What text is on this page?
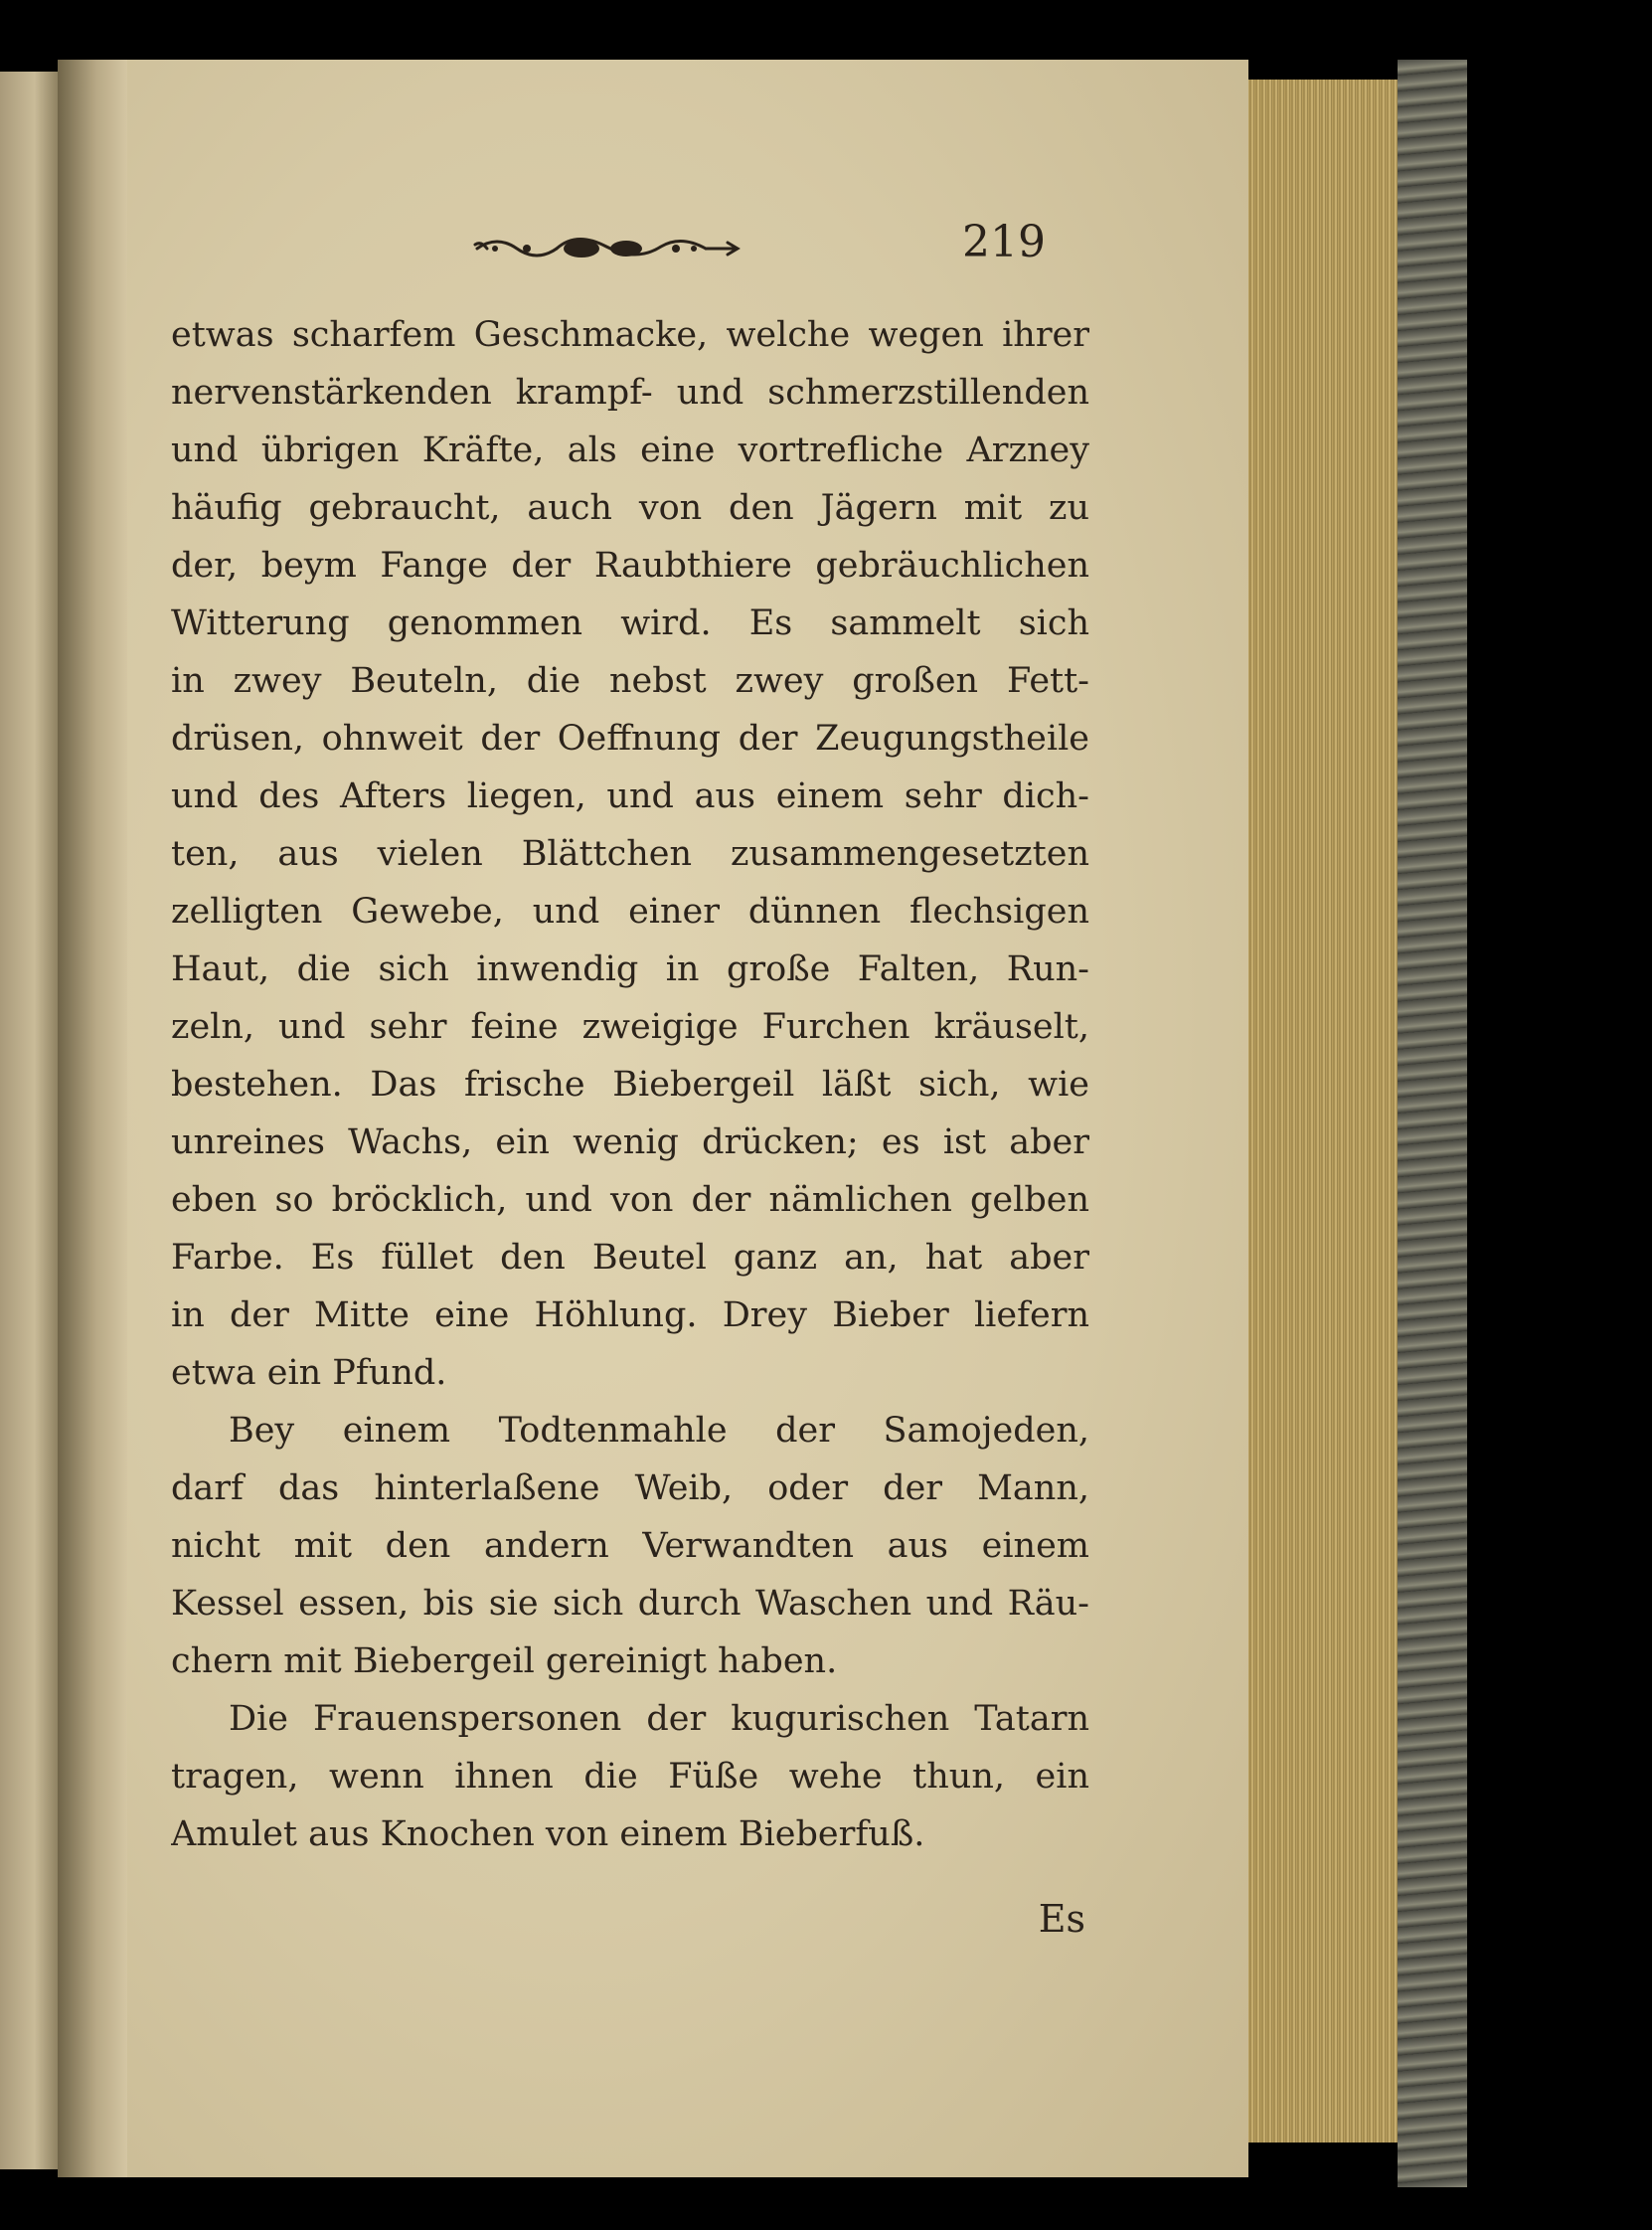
219
etwas scharfem Geschmacke, welche wegen ihrer
nervenstärkenden krampf- und schmerzstillenden
und übrigen Kräfte, als eine vortrefliche Arzney
häufig gebraucht, auch von den Jägern mit zu
der, beym Fange der Raubthiere gebräuchlichen
Witterung genommen wird. Es sammelt sich
in zwey Beuteln, die nebst zwey großen Fett-
drüsen, ohnweit der Oeffnung der Zeugungstheile
und des Afters liegen, und aus einem sehr dich-
ten, aus vielen Blättchen zusammengesetzten
zelligten Gewebe, und einer dünnen flechsigen
Haut, die sich inwendig in große Falten, Run-
zeln, und sehr feine zweigige Furchen kräuselt,
bestehen. Das frische Biebergeil läßt sich, wie
unreines Wachs, ein wenig drücken; es ist aber
eben so bröcklich, und von der nämlichen gelben
Farbe. Es füllet den Beutel ganz an, hat aber
in der Mitte eine Höhlung. Drey Bieber liefern
etwa ein Pfund.
Bey einem Todtenmahle der Samojeden,
darf das hinterlaßene Weib, oder der Mann,
nicht mit den andern Verwandten aus einem
Kessel essen, bis sie sich durch Waschen und Räu-
chern mit Biebergeil gereinigt haben.
Die Frauenspersonen der kugurischen Tatarn
tragen, wenn ihnen die Füße wehe thun, ein
Amulet aus Knochen von einem Bieberfuß.
Es
